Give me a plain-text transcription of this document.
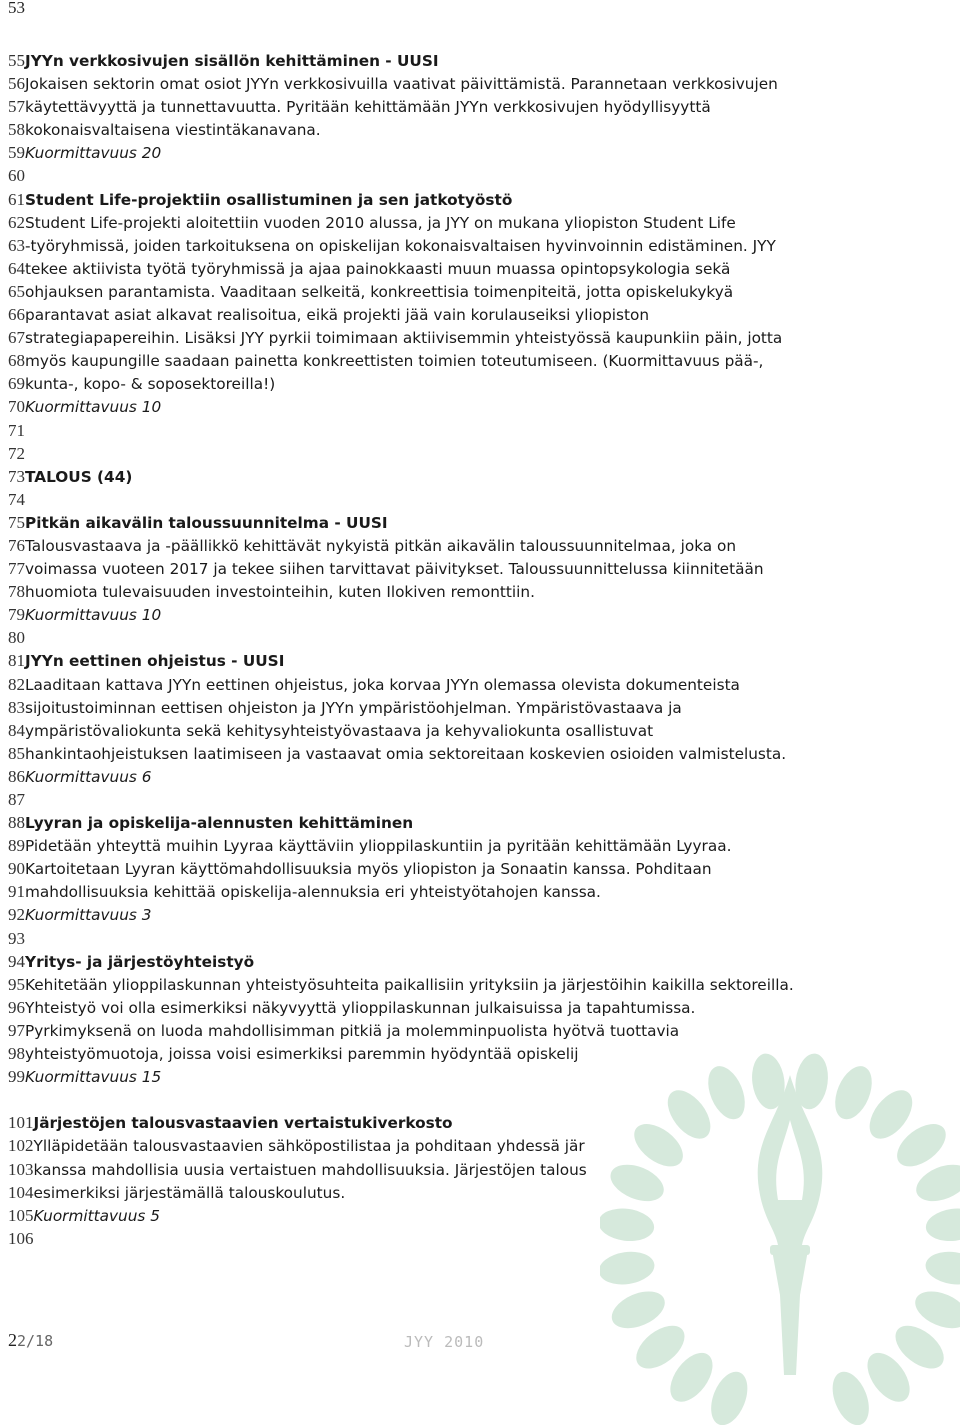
53
55JYYn verkkosivujen sisällön kehittäminen - UUSI
56Jokaisen sektorin omat osiot JYYn verkkosivuilla vaativat päivittämistä. Parannetaan verkkosivujen
57käytettävyyttä ja tunnettavuutta. Pyritään kehittämään JYYn verkkosivujen hyödyllisyyttä
58kokonaisvaltaisena viestintäkanavana.
59Kuormittavuus 20
60
61Student Life-projektiin osallistuminen ja sen jatkotyöstö
62Student Life-projekti aloitettiin vuoden 2010 alussa, ja JYY on mukana yliopiston Student Life
63-työryhmissä, joiden tarkoituksena on opiskelijan kokonaisvaltaisen hyvinvoinnin edistäminen. JYY
64tekee aktiivista työtä työryhmissä ja ajaa painokkaasti muun muassa opintopsykologia sekä
65ohjauksen parantamista. Vaaditaan selkeitä, konkreettisia toimenpiteitä, jotta opiskelukykyä
66parantavat asiat alkavat realisoitua, eikä projekti jää vain korulauseiksi yliopiston
67strategiapapereihin. Lisäksi JYY pyrkii toimimaan aktiivisemmin yhteistyössä kaupunkiin päin, jotta
68myös kaupungille saadaan painetta konkreettisten toimien toteutumiseen. (Kuormittavuus pää-,
69kunta-, kopo- & soposektoreilla!)
70Kuormittavuus 10
71
72
73TALOUS (44)
74
75Pitkän aikavälin taloussuunnitelma - UUSI
76Talousvastaava ja -päällikkö kehittävät nykyistä pitkän aikavälin taloussuunnitelmaa, joka on
77voimassa vuoteen 2017 ja tekee siihen tarvittavat päivitykset. Taloussuunnittelussa kiinnitetään
78huomiota tulevaisuuden investointeihin, kuten Ilokiven remonttiin.
79Kuormittavuus 10
80
81JYYn eettinen ohjeistus - UUSI
82Laaditaan kattava JYYn eettinen ohjeistus, joka korvaa JYYn olemassa olevista dokumenteista
83sijoitustoiminnan eettisen ohjeiston ja JYYn ympäristöohjelman. Ympäristövastaava ja
84ympäristövaliokunta sekä kehitysyhteistyövastaava ja kehyvaliokunta osallistuvat
85hankintaohjeistuksen laatimiseen ja vastaavat omia sektoreitaan koskevien osioiden valmistelusta.
86Kuormittavuus 6
87
88Lyyran ja opiskelija-alennusten kehittäminen
89Pidetään yhteyttä muihin Lyyraa käyttäviin ylioppilaskuntiin ja pyritään kehittämään Lyyraa.
90Kartoitetaan Lyyran käyttömahdollisuuksia myös yliopiston ja Sonaatin kanssa. Pohditaan
91mahdollisuuksia kehittää opiskelija-alennuksia eri yhteistyötahojen kanssa.
92Kuormittavuus 3
93
94Yritys- ja järjestöyhteistyö
95Kehitetään ylioppilaskunnan yhteistyösuhteita paikallisiin yrityksiin ja järjestöihin kaikilla sektoreilla.
96Yhteistyö voi olla esimerkiksi näkyvyyttä ylioppilaskunnan julkaisuissa ja tapahtumissa.
97Pyrkimyksenä on luoda mahdollisimman pitkiä ja molemminpuolista hyötvä tuottavia
98yhteistyömuotoja, joissa voisi esimerkiksi paremmin hyödyntää opiskelij
99Kuormittavuus 15
101Järjestöjen talousvastaavien vertaistukiverkosto
102Ylläpidetään talousvastaavien sähköpostilistaa ja pohditaan yhdessä jär
103kanssa mahdollisia uusia vertaistuen mahdollisuuksia. Järjestöjen talous
104esimerkiksi järjestämällä talouskoulutus.
105Kuormittavuus 5
106
22/18	JYY 2010
